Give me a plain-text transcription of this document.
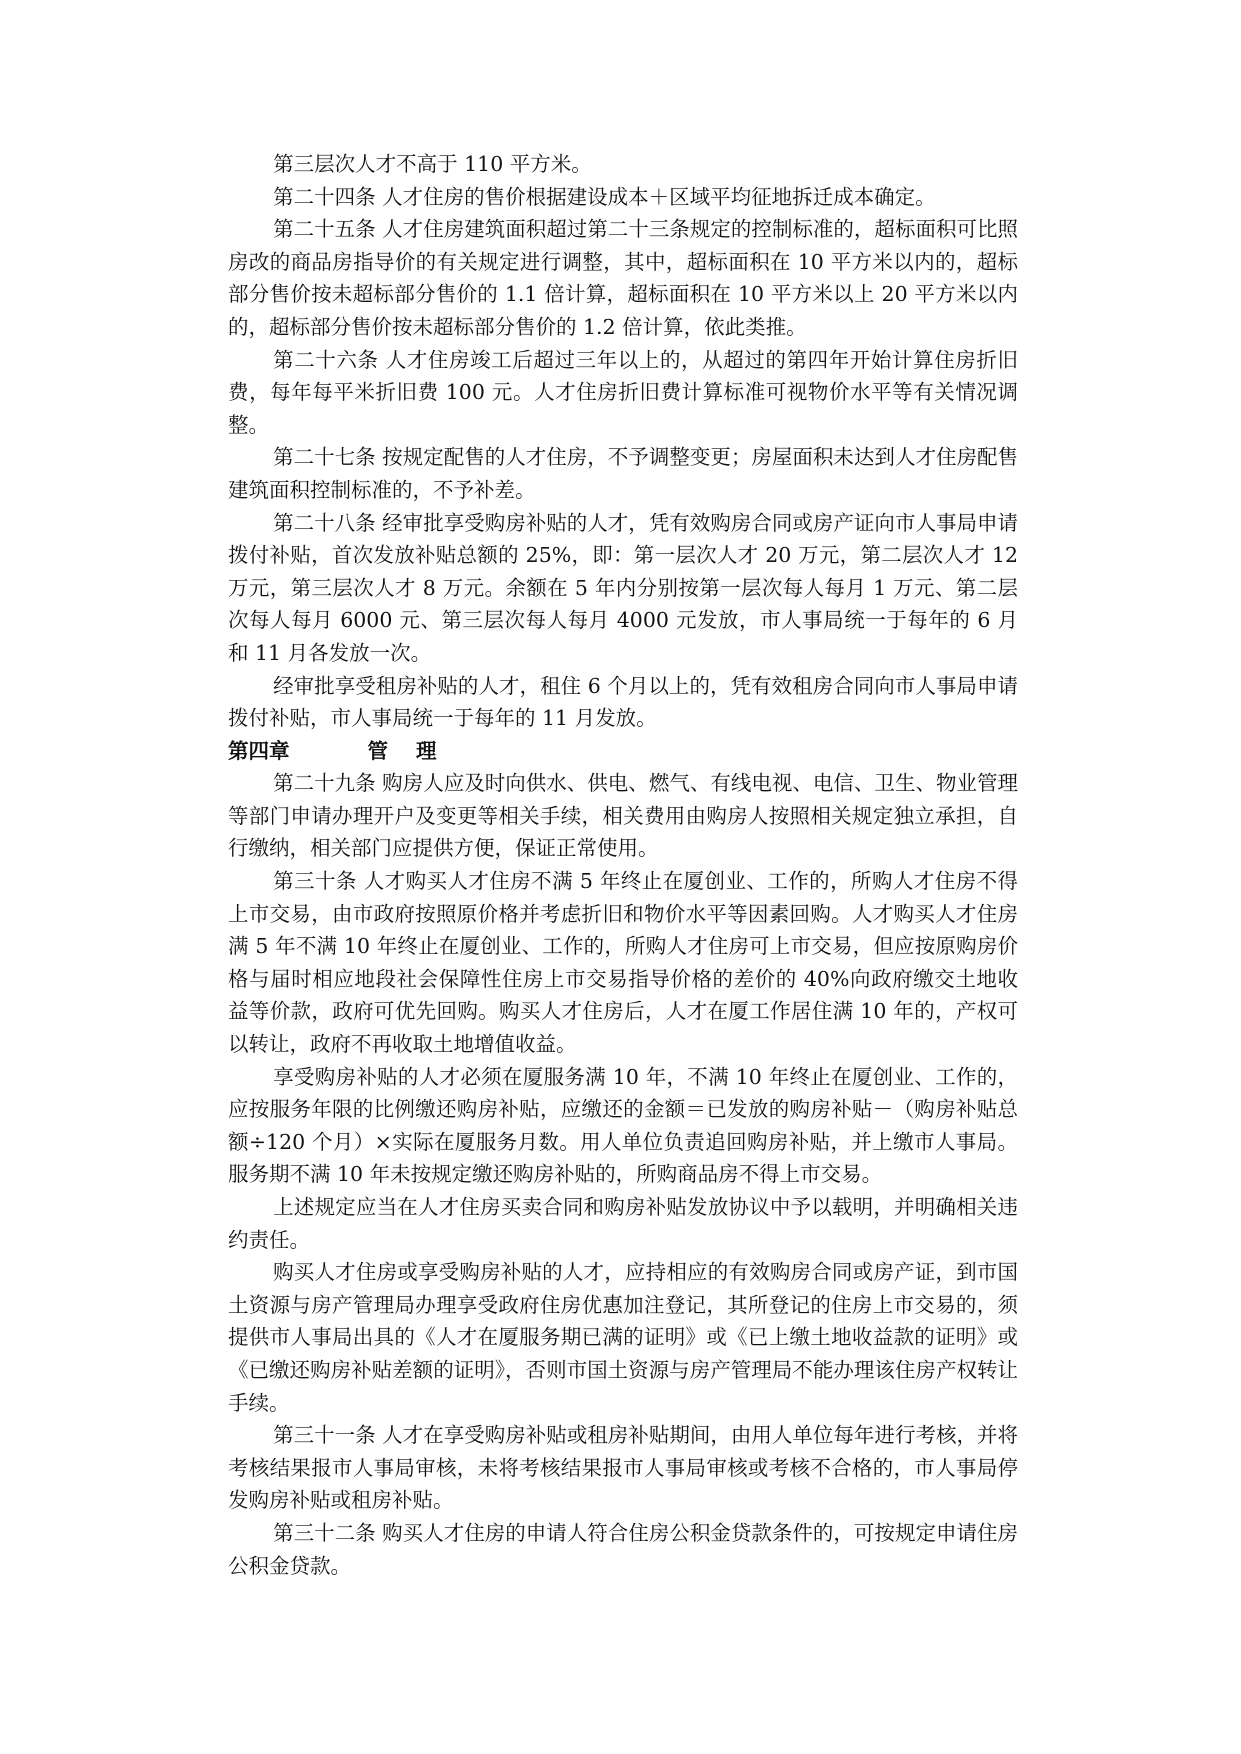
第三层次人才不高于 110 平方米。

第二十四条 人才住房的售价根据建设成本＋区域平均征地拆迁成本确定。

第二十五条 人才住房建筑面积超过第二十三条规定的控制标准的，超标面积可比照房改的商品房指导价的有关规定进行调整，其中，超标面积在 10 平方米以内的，超标部分售价按未超标部分售价的 1.1 倍计算，超标面积在 10 平方米以上 20 平方米以内的，超标部分售价按未超标部分售价的 1.2 倍计算，依此类推。

第二十六条 人才住房竣工后超过三年以上的，从超过的第四年开始计算住房折旧费，每年每平米折旧费 100 元。人才住房折旧费计算标准可视物价水平等有关情况调整。

第二十七条 按规定配售的人才住房，不予调整变更；房屋面积未达到人才住房配售建筑面积控制标准的，不予补差。

第二十八条 经审批享受购房补贴的人才，凭有效购房合同或房产证向市人事局申请拨付补贴，首次发放补贴总额的 25%，即：第一层次人才 20 万元，第二层次人才 12 万元，第三层次人才 8 万元。余额在 5 年内分别按第一层次每人每月 1 万元、第二层次每人每月 6000 元、第三层次每人每月 4000 元发放，市人事局统一于每年的 6 月和 11 月各发放一次。

经审批享受租房补贴的人才，租住 6 个月以上的，凭有效租房合同向市人事局申请拨付补贴，市人事局统一于每年的 11 月发放。

第四章	管 理

第二十九条 购房人应及时向供水、供电、燃气、有线电视、电信、卫生、物业管理等部门申请办理开户及变更等相关手续，相关费用由购房人按照相关规定独立承担，自行缴纳，相关部门应提供方便，保证正常使用。

第三十条 人才购买人才住房不满 5 年终止在厦创业、工作的，所购人才住房不得上市交易，由市政府按照原价格并考虑折旧和物价水平等因素回购。人才购买人才住房满 5 年不满 10 年终止在厦创业、工作的，所购人才住房可上市交易，但应按原购房价格与届时相应地段社会保障性住房上市交易指导价格的差价的 40%向政府缴交土地收益等价款，政府可优先回购。购买人才住房后，人才在厦工作居住满 10 年的，产权可以转让，政府不再收取土地增值收益。

享受购房补贴的人才必须在厦服务满 10 年，不满 10 年终止在厦创业、工作的，应按服务年限的比例缴还购房补贴，应缴还的金额＝已发放的购房补贴－（购房补贴总额÷120 个月）×实际在厦服务月数。用人单位负责追回购房补贴，并上缴市人事局。服务期不满 10 年未按规定缴还购房补贴的，所购商品房不得上市交易。

上述规定应当在人才住房买卖合同和购房补贴发放协议中予以载明，并明确相关违约责任。

购买人才住房或享受购房补贴的人才，应持相应的有效购房合同或房产证，到市国土资源与房产管理局办理享受政府住房优惠加注登记，其所登记的住房上市交易的，须提供市人事局出具的《人才在厦服务期已满的证明》或《已上缴土地收益款的证明》或《已缴还购房补贴差额的证明》，否则市国土资源与房产管理局不能办理该住房产权转让手续。

第三十一条 人才在享受购房补贴或租房补贴期间，由用人单位每年进行考核，并将考核结果报市人事局审核，未将考核结果报市人事局审核或考核不合格的，市人事局停发购房补贴或租房补贴。

第三十二条 购买人才住房的申请人符合住房公积金贷款条件的，可按规定申请住房公积金贷款。
